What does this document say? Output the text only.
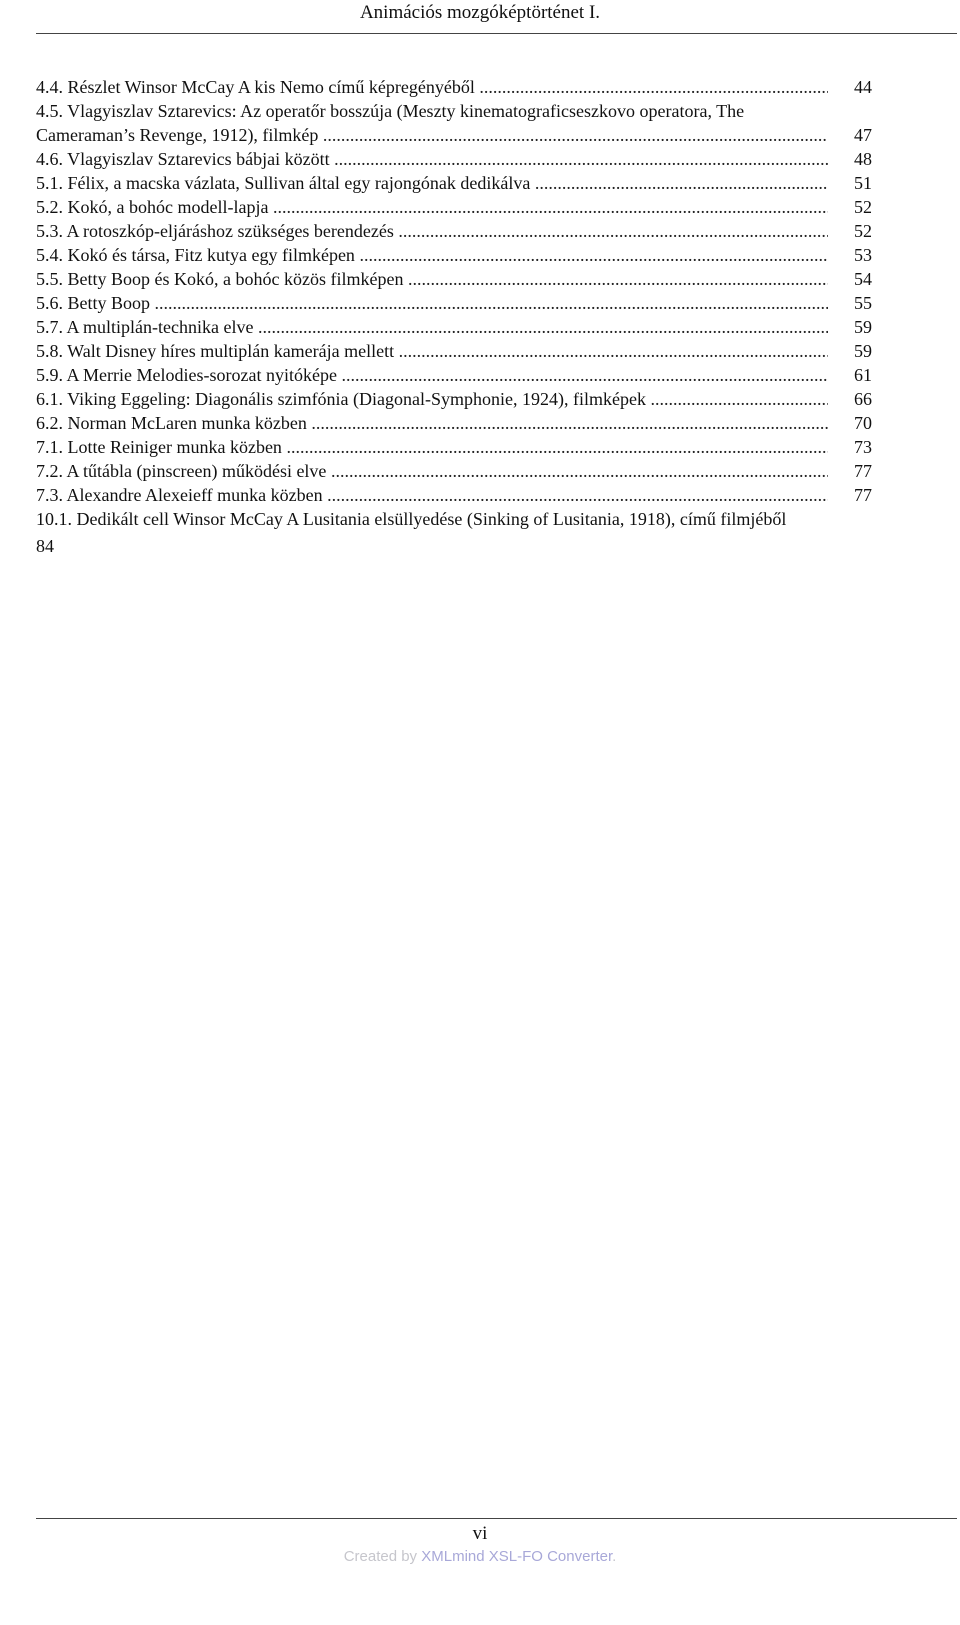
Animációs mozgóképtörténet I.
4.4. Részlet Winsor McCay A kis Nemo című képregényéből .....	44
4.5. Vlagyiszlav Sztarevics: Az operatőr bosszúja (Meszty kinematograficseszkovo operatora, The
Cameraman’s Revenge, 1912), filmkép .....	47
4.6. Vlagyiszlav Sztarevics bábjai között .....	48
5.1. Félix, a macska vázlata, Sullivan által egy rajongónak dedikálva .....	51
5.2. Kokó, a bohóc modell-lapja .....	52
5.3. A rotoszkóp-eljáráshoz szükséges berendezés .....	52
5.4. Kokó és társa, Fitz kutya egy filmképen .....	53
5.5. Betty Boop és Kokó, a bohóc közös filmképen .....	54
5.6. Betty Boop .....	55
5.7. A multiplán-technika elve .....	59
5.8. Walt Disney híres multiplán kamerája mellett .....	59
5.9. A Merrie Melodies-sorozat nyitóképe .....	61
6.1. Viking Eggeling: Diagonális szimfónia (Diagonal-Symphonie, 1924), filmképek .....	66
6.2. Norman McLaren munka közben .....	70
7.1. Lotte Reiniger munka közben .....	73
7.2. A tűtábla (pinscreen) működési elve .....	77
7.3. Alexandre Alexeieff munka közben .....	77
10.1. Dedikált cell Winsor McCay A Lusitania elsüllyedése (Sinking of Lusitania, 1918), című filmjéből
84
vi
Created by XMLmind XSL-FO Converter.
